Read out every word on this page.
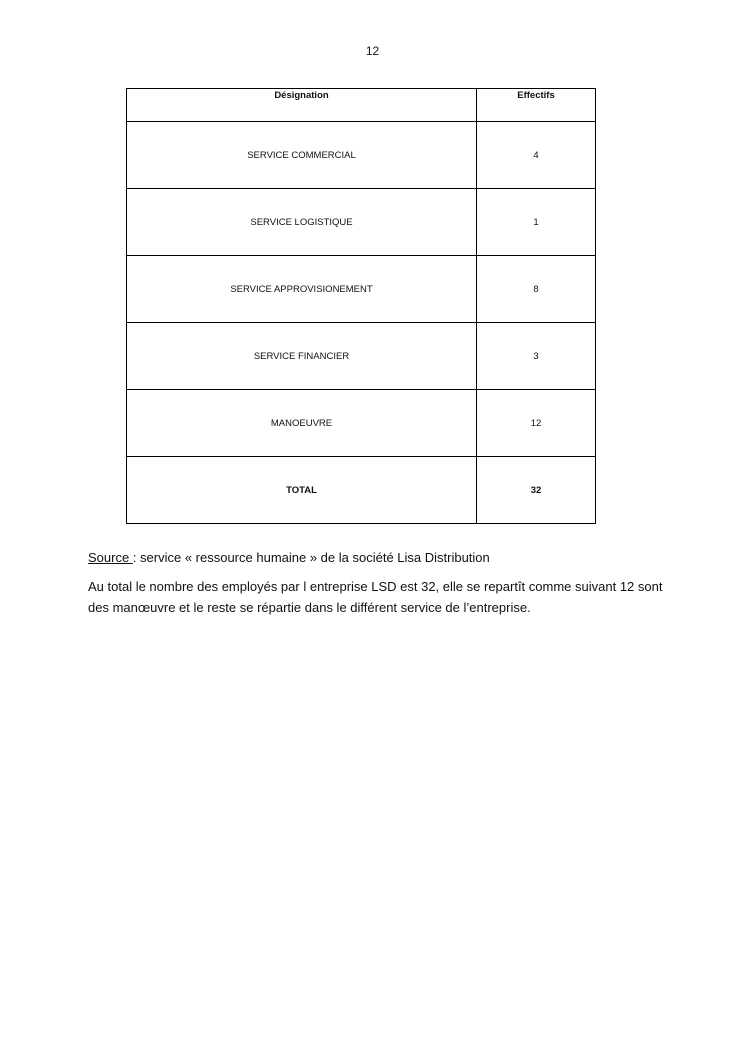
12
Désignation	Effectifs
SERVICE COMMERCIAL	4
SERVICE LOGISTIQUE	1
SERVICE APPROVISIONEMENT	8
SERVICE FINANCIER	3
MANOEUVRE	12
TOTAL	32
Source : service « ressource humaine » de la société Lisa Distribution

Au total le nombre des employés par l entreprise LSD est 32, elle se repartît comme suivant 12 sont des manœuvre et le reste se répartie dans le différent service de l’entreprise.
